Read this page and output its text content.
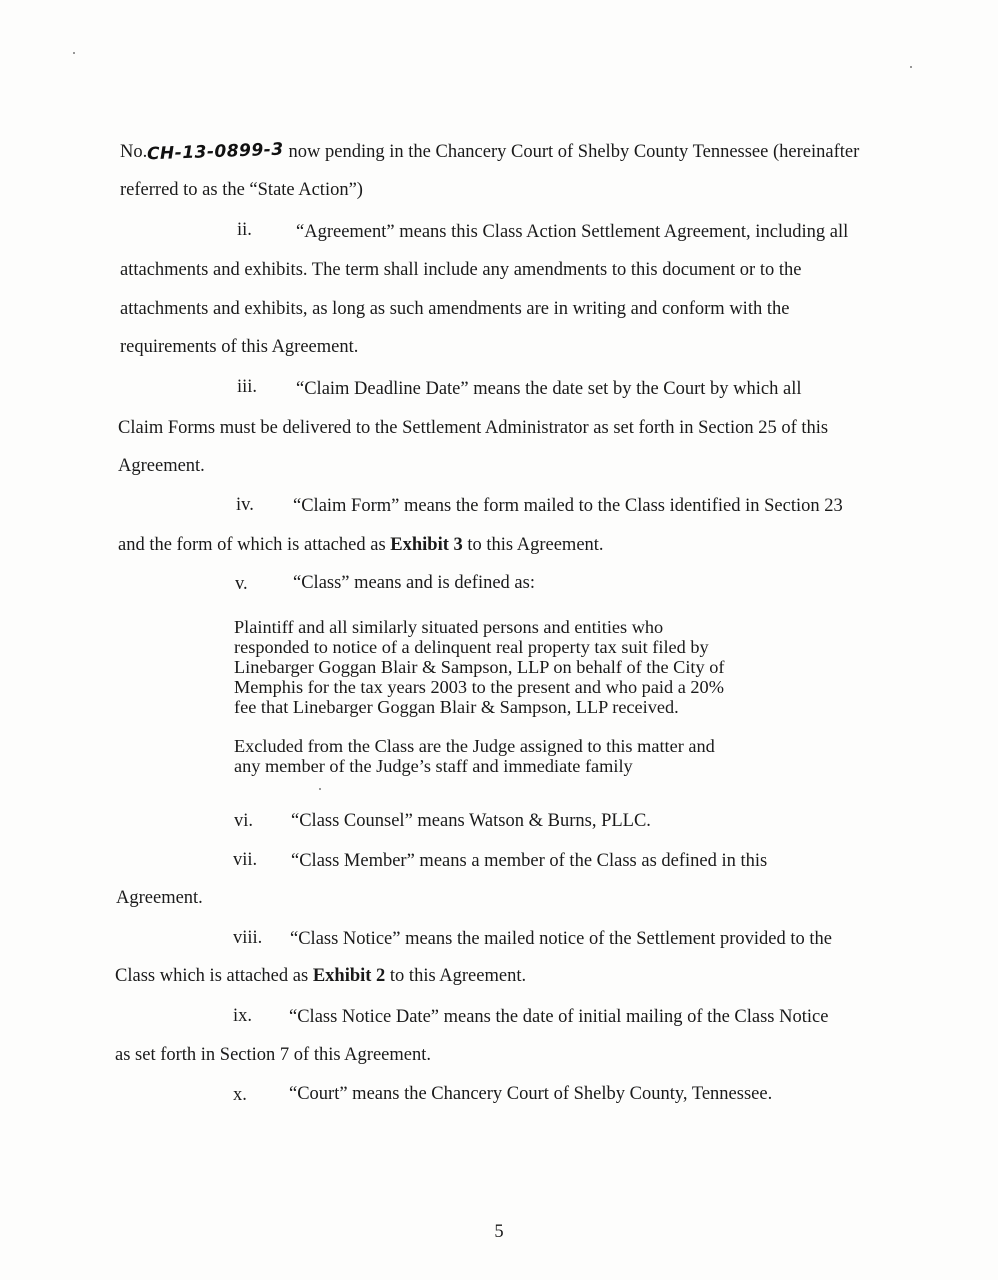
No.CH-13-0899-3 now pending in the Chancery Court of Shelby County Tennessee (hereinafter
referred to as the “State Action”)
ii. “Agreement” means this Class Action Settlement Agreement, including all
attachments and exhibits. The term shall include any amendments to this document or to the
attachments and exhibits, as long as such amendments are in writing and conform with the
requirements of this Agreement.
iii. “Claim Deadline Date” means the date set by the Court by which all
Claim Forms must be delivered to the Settlement Administrator as set forth in Section 25 of this
Agreement.
iv. “Claim Form” means the form mailed to the Class identified in Section 23
and the form of which is attached as Exhibit 3 to this Agreement.
v. “Class” means and is defined as:
Plaintiff and all similarly situated persons and entities who
responded to notice of a delinquent real property tax suit filed by
Linebarger Goggan Blair & Sampson, LLP on behalf of the City of
Memphis for the tax years 2003 to the present and who paid a 20%
fee that Linebarger Goggan Blair & Sampson, LLP received.
Excluded from the Class are the Judge assigned to this matter and
any member of the Judge’s staff and immediate family
vi. “Class Counsel” means Watson & Burns, PLLC.
vii. “Class Member” means a member of the Class as defined in this
Agreement.
viii. “Class Notice” means the mailed notice of the Settlement provided to the
Class which is attached as Exhibit 2 to this Agreement.
ix. “Class Notice Date” means the date of initial mailing of the Class Notice
as set forth in Section 7 of this Agreement.
x. “Court” means the Chancery Court of Shelby County, Tennessee.
5
